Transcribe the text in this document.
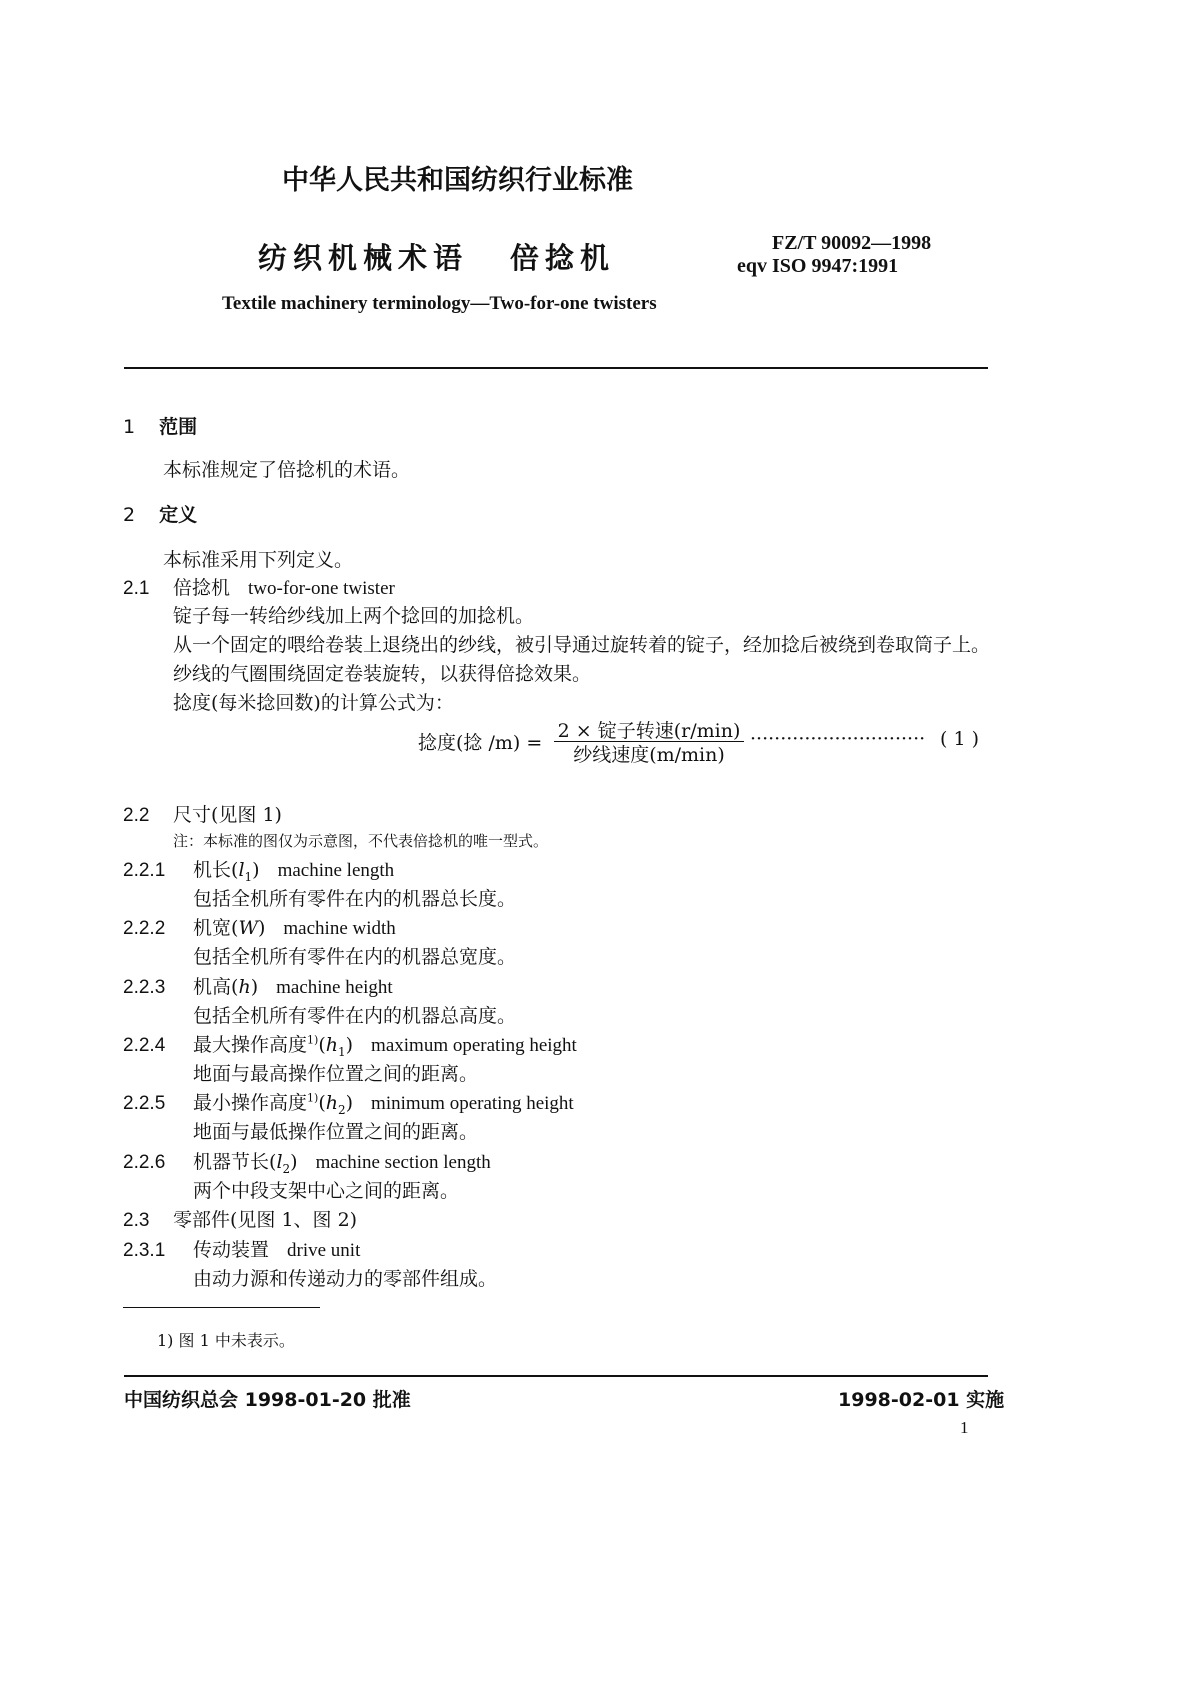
中华人民共和国纺织行业标准
纺织机械术语 倍捻机	FZ/T 90092—1998
eqv ISO 9947:1991
Textile machinery terminology—Two-for-one twisters
1 范围
本标准规定了倍捻机的术语。
2 定义
本标准采用下列定义。
2.1 倍捻机 two-for-one twister
锭子每一转给纱线加上两个捻回的加捻机。
从一个固定的喂给卷装上退绕出的纱线，被引导通过旋转着的锭子，经加捻后被绕到卷取筒子上。
纱线的气圈围绕固定卷装旋转，以获得倍捻效果。
捻度(每米捻回数)的计算公式为：
捻度(捻 /m) =
2 × 锭子转速(r/min)
纱线速度(m/min)
····························· ( 1 )
2.2 尺寸(见图 1)
注：本标准的图仅为示意图，不代表倍捻机的唯一型式。
2.2.1 机长$(l_1)$ machine length
包括全机所有零件在内的机器总长度。
2.2.2 机宽(W) machine width
包括全机所有零件在内的机器总宽度。
2.2.3 机高(h) machine height
包括全机所有零件在内的机器总高度。
2.2.4 最大操作高度$^{1)}(h_1)$ maximum operating height
地面与最高操作位置之间的距离。
2.2.5 最小操作高度$^{1)}(h_2)$ minimum operating height
地面与最低操作位置之间的距离。
2.2.6 机器节长$(l_2)$ machine section length
两个中段支架中心之间的距离。
2.3 零部件(见图 1、图 2)
2.3.1 传动装置 drive unit
由动力源和传递动力的零部件组成。
1) 图 1 中未表示。
中国纺织总会 1998-01-20 批准	1998-02-01 实施
1
